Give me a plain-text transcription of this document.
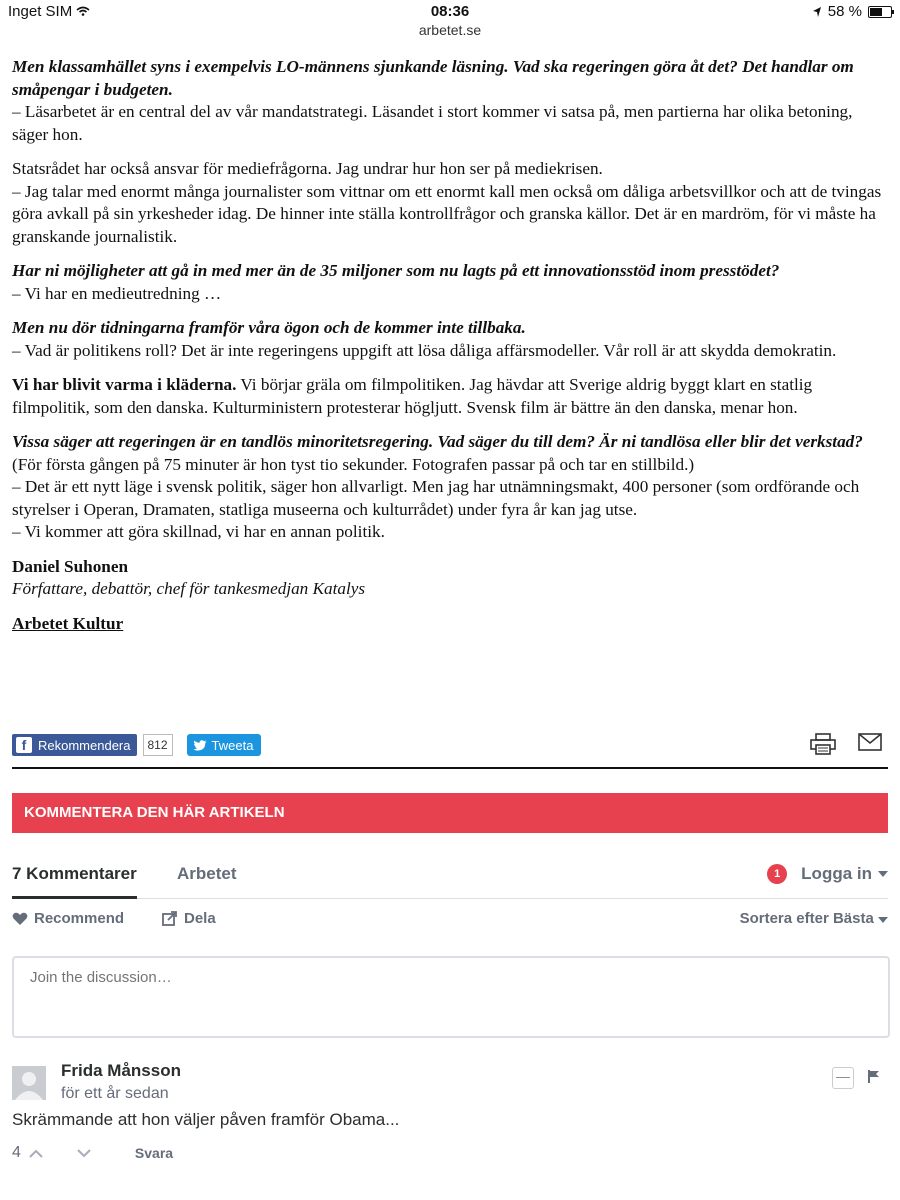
Inget SIM	08:36	58 %
arbetet.se

Men klassamhället syns i exempelvis LO-männens sjunkande läsning. Vad ska regeringen göra åt det? Det handlar om småpengar i budgeten.
– Läsarbetet är en central del av vår mandatstrategi. Läsandet i stort kommer vi satsa på, men partierna har olika betoning, säger hon.

Statsrådet har också ansvar för mediefrågorna. Jag undrar hur hon ser på mediekrisen.
– Jag talar med enormt många journalister som vittnar om ett enormt kall men också om dåliga arbetsvillkor och att de tvingas göra avkall på sin yrkesheder idag. De hinner inte ställa kontrollfrågor och granska källor. Det är en mardröm, för vi måste ha granskande journalistik.

Har ni möjligheter att gå in med mer än de 35 miljoner som nu lagts på ett innovationsstöd inom presstödet?
– Vi har en medieutredning …

Men nu dör tidningarna framför våra ögon och de kommer inte tillbaka.
– Vad är politikens roll? Det är inte regeringens uppgift att lösa dåliga affärsmodeller. Vår roll är att skydda demokratin.

Vi har blivit varma i kläderna. Vi börjar gräla om filmpolitiken. Jag hävdar att Sverige aldrig byggt klart en statlig filmpolitik, som den danska. Kulturministern protesterar högljutt. Svensk film är bättre än den danska, menar hon.

Vissa säger att regeringen är en tandlös minoritetsregering. Vad säger du till dem? Är ni tandlösa eller blir det verkstad?
(För första gången på 75 minuter är hon tyst tio sekunder. Fotografen passar på och tar en stillbild.)
– Det är ett nytt läge i svensk politik, säger hon allvarligt. Men jag har utnämningsmakt, 400 personer (som ordförande och styrelser i Operan, Dramaten, statliga museerna och kulturrådet) under fyra år kan jag utse.
– Vi kommer att göra skillnad, vi har en annan politik.

Daniel Suhonen
Författare, debattör, chef för tankesmedjan Katalys

Arbetet Kultur

f Rekommendera	812	Tweeta
KOMMENTERA DEN HÄR ARTIKELN
7 Kommentarer Arbetet	1	Logga in
Recommend	Dela	Sortera efter Bästa
Join the discussion…
Frida Månsson
för ett år sedan
—
Skrämmande att hon väljer påven framför Obama...
4	Svara
